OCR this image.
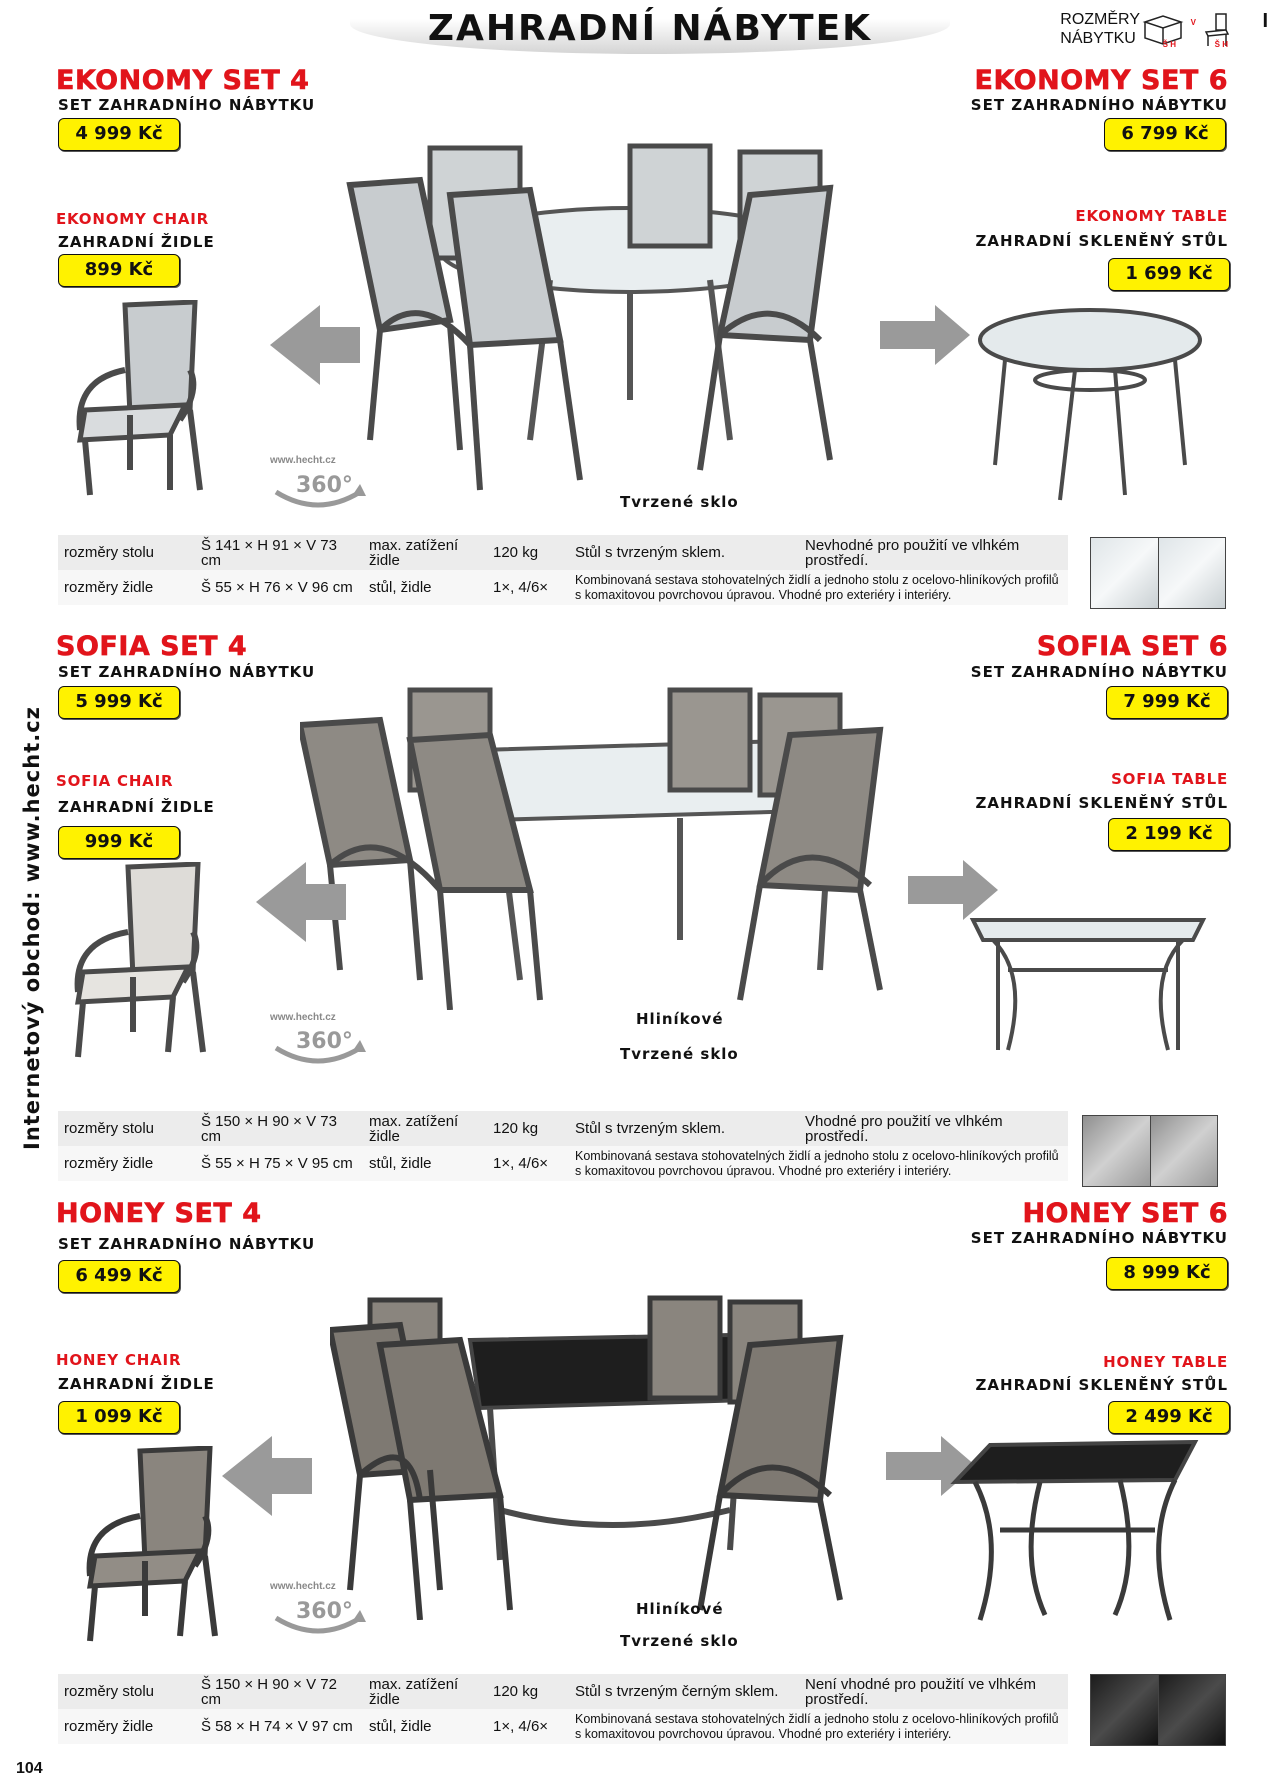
ZAHRADNÍ NÁBYTEK	ROZMĚRY
NÁBYTKU	Š H
V
Š H
I
Internetový obchod: www.hecht.cz
EKONOMY SET 4
SET ZAHRADNÍHO NÁBYTKU
4 999 Kč
EKONOMY SET 6
SET ZAHRADNÍHO NÁBYTKU
6 799 Kč
EKONOMY CHAIR
ZAHRADNÍ ŽIDLE
899 Kč
EKONOMY TABLE
ZAHRADNÍ SKLENĚNÝ STŮL
1 699 Kč
www.hecht.cz
360°
Tvrzené sklo
rozměry stolu	Š 141 × H 91 × V 73 cm	max. zatížení židle	120 kg	Stůl s tvrzeným sklem.	Nevhodné pro použití ve vlhkém prostředí.
rozměry židle	Š 55 × H 76 × V 96 cm	stůl, židle	1×, 4/6×	Kombinovaná sestava stohovatelných židlí a jednoho stolu z ocelovo-hliníkových profilů s komaxitovou povrchovou úpravou. Vhodné pro exteriéry i interiéry.	
SOFIA SET 4
SET ZAHRADNÍHO NÁBYTKU
5 999 Kč
SOFIA SET 6
SET ZAHRADNÍHO NÁBYTKU
7 999 Kč
SOFIA CHAIR
ZAHRADNÍ ŽIDLE
999 Kč
SOFIA TABLE
ZAHRADNÍ SKLENĚNÝ STŮL
2 199 Kč
www.hecht.cz
360°
Hliníkové
Tvrzené sklo
rozměry stolu	Š 150 × H 90 × V 73 cm	max. zatížení židle	120 kg	Stůl s tvrzeným sklem.	Vhodné pro použití ve vlhkém prostředí.
rozměry židle	Š 55 × H 75 × V 95 cm	stůl, židle	1×, 4/6×	Kombinovaná sestava stohovatelných židlí a jednoho stolu z ocelovo-hliníkových profilů s komaxitovou povrchovou úpravou. Vhodné pro exteriéry i interiéry.	
HONEY SET 4
SET ZAHRADNÍHO NÁBYTKU
6 499 Kč
HONEY SET 6
SET ZAHRADNÍHO NÁBYTKU
8 999 Kč
HONEY CHAIR
ZAHRADNÍ ŽIDLE
1 099 Kč
HONEY TABLE
ZAHRADNÍ SKLENĚNÝ STŮL
2 499 Kč
www.hecht.cz
360°	Hliníkové
Tvrzené sklo
rozměry stolu	Š 150 × H 90 × V 72 cm	max. zatížení židle	120 kg	Stůl s tvrzeným černým sklem.	Není vhodné pro použití ve vlhkém prostředí.
rozměry židle	Š 58 × H 74 × V 97 cm	stůl, židle	1×, 4/6×	Kombinovaná sestava stohovatelných židlí a jednoho stolu z ocelovo-hliníkových profilů s komaxitovou povrchovou úpravou. Vhodné pro exteriéry i interiéry.	
104
